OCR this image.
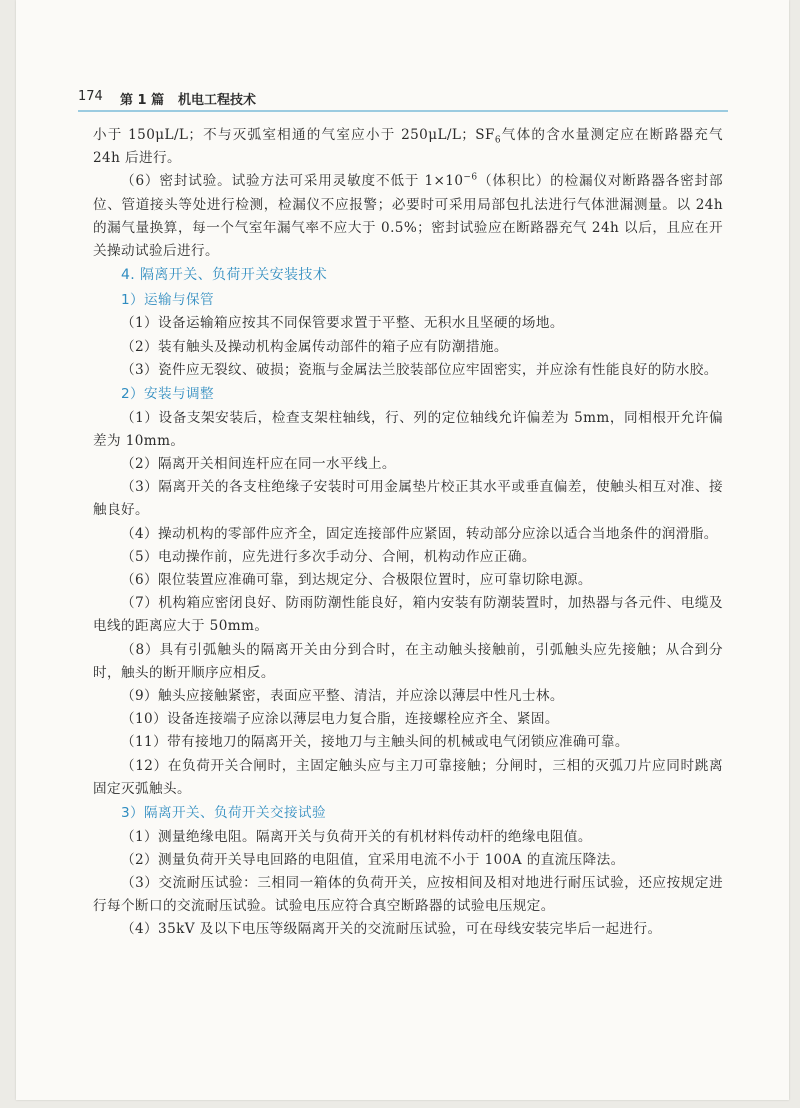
174 第 1 篇 机电工程技术

小于 150μL/L；不与灭弧室相通的气室应小于 250μL/L；$SF_6$气体的含水量测定应在断路器充气 24h 后进行。

（6）密封试验。试验方法可采用灵敏度不低于 $1\times 10^{-6}$（体积比）的检漏仪对断路器各密封部位、管道接头等处进行检测，检漏仪不应报警；必要时可采用局部包扎法进行气体泄漏测量。以 24h 的漏气量换算，每一个气室年漏气率不应大于 0.5%；密封试验应在断路器充气 24h 以后，且应在开关操动试验后进行。

4. 隔离开关、负荷开关安装技术
1）运输与保管

（1）设备运输箱应按其不同保管要求置于平整、无积水且坚硬的场地。

（2）装有触头及操动机构金属传动部件的箱子应有防潮措施。

（3）瓷件应无裂纹、破损；瓷瓶与金属法兰胶装部位应牢固密实，并应涂有性能良好的防水胶。

2）安装与调整

（1）设备支架安装后，检查支架柱轴线，行、列的定位轴线允许偏差为 5mm，同相根开允许偏差为 10mm。

（2）隔离开关相间连杆应在同一水平线上。

（3）隔离开关的各支柱绝缘子安装时可用金属垫片校正其水平或垂直偏差，使触头相互对准、接触良好。

（4）操动机构的零部件应齐全，固定连接部件应紧固，转动部分应涂以适合当地条件的润滑脂。

（5）电动操作前，应先进行多次手动分、合闸，机构动作应正确。

（6）限位装置应准确可靠，到达规定分、合极限位置时，应可靠切除电源。

（7）机构箱应密闭良好、防雨防潮性能良好，箱内安装有防潮装置时，加热器与各元件、电缆及电线的距离应大于 50mm。

（8）具有引弧触头的隔离开关由分到合时，在主动触头接触前，引弧触头应先接触；从合到分时，触头的断开顺序应相反。

（9）触头应接触紧密，表面应平整、清洁，并应涂以薄层中性凡士林。

（10）设备连接端子应涂以薄层电力复合脂，连接螺栓应齐全、紧固。

（11）带有接地刀的隔离开关，接地刀与主触头间的机械或电气闭锁应准确可靠。

（12）在负荷开关合闸时，主固定触头应与主刀可靠接触；分闸时，三相的灭弧刀片应同时跳离固定灭弧触头。

3）隔离开关、负荷开关交接试验

（1）测量绝缘电阻。隔离开关与负荷开关的有机材料传动杆的绝缘电阻值。

（2）测量负荷开关导电回路的电阻值，宜采用电流不小于 100A 的直流压降法。

（3）交流耐压试验：三相同一箱体的负荷开关，应按相间及相对地进行耐压试验，还应按规定进行每个断口的交流耐压试验。试验电压应符合真空断路器的试验电压规定。

（4）35kV 及以下电压等级隔离开关的交流耐压试验，可在母线安装完毕后一起进行。
